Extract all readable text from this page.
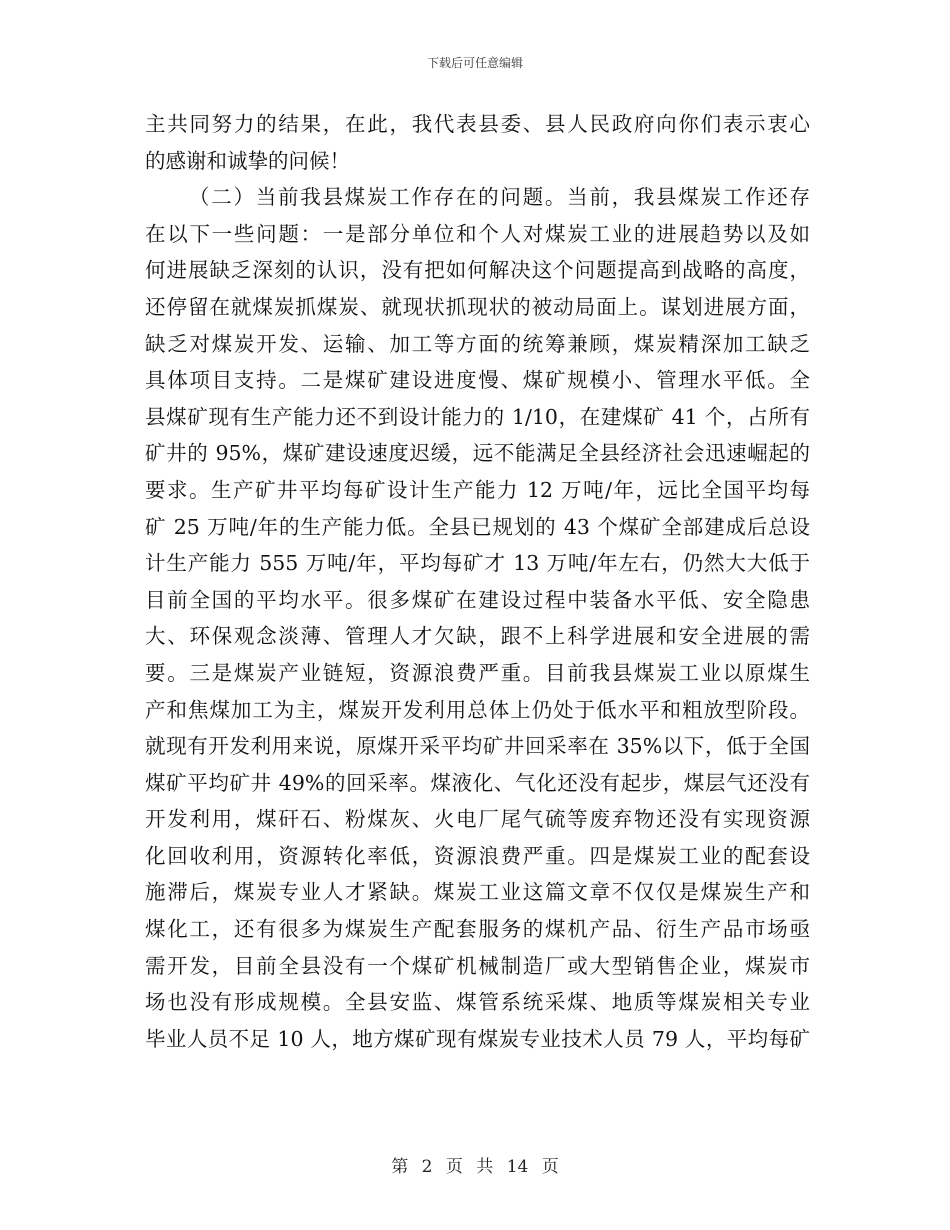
下载后可任意编辑
主共同努力的结果，在此，我代表县委、县人民政府向你们表示衷心
的感谢和诚挚的问候！
（二）当前我县煤炭工作存在的问题。当前，我县煤炭工作还存
在以下一些问题：一是部分单位和个人对煤炭工业的进展趋势以及如
何进展缺乏深刻的认识，没有把如何解决这个问题提高到战略的高度，
还停留在就煤炭抓煤炭、就现状抓现状的被动局面上。谋划进展方面，
缺乏对煤炭开发、运输、加工等方面的统筹兼顾，煤炭精深加工缺乏
具体项目支持。二是煤矿建设进度慢、煤矿规模小、管理水平低。全
县煤矿现有生产能力还不到设计能力的 1/10，在建煤矿 41 个，占所有
矿井的 95%，煤矿建设速度迟缓，远不能满足全县经济社会迅速崛起的
要求。生产矿井平均每矿设计生产能力 12 万吨/年，远比全国平均每
矿 25 万吨/年的生产能力低。全县已规划的 43 个煤矿全部建成后总设
计生产能力 555 万吨/年，平均每矿才 13 万吨/年左右，仍然大大低于
目前全国的平均水平。很多煤矿在建设过程中装备水平低、安全隐患
大、环保观念淡薄、管理人才欠缺，跟不上科学进展和安全进展的需
要。三是煤炭产业链短，资源浪费严重。目前我县煤炭工业以原煤生
产和焦煤加工为主，煤炭开发利用总体上仍处于低水平和粗放型阶段。
就现有开发利用来说，原煤开采平均矿井回采率在 35%以下，低于全国
煤矿平均矿井 49%的回采率。煤液化、气化还没有起步，煤层气还没有
开发利用，煤矸石、粉煤灰、火电厂尾气硫等废弃物还没有实现资源
化回收利用，资源转化率低，资源浪费严重。四是煤炭工业的配套设
施滞后，煤炭专业人才紧缺。煤炭工业这篇文章不仅仅是煤炭生产和
煤化工，还有很多为煤炭生产配套服务的煤机产品、衍生产品市场亟
需开发，目前全县没有一个煤矿机械制造厂或大型销售企业，煤炭市
场也没有形成规模。全县安监、煤管系统采煤、地质等煤炭相关专业
毕业人员不足 10 人，地方煤矿现有煤炭专业技术人员 79 人，平均每矿
第 2 页 共 14 页
